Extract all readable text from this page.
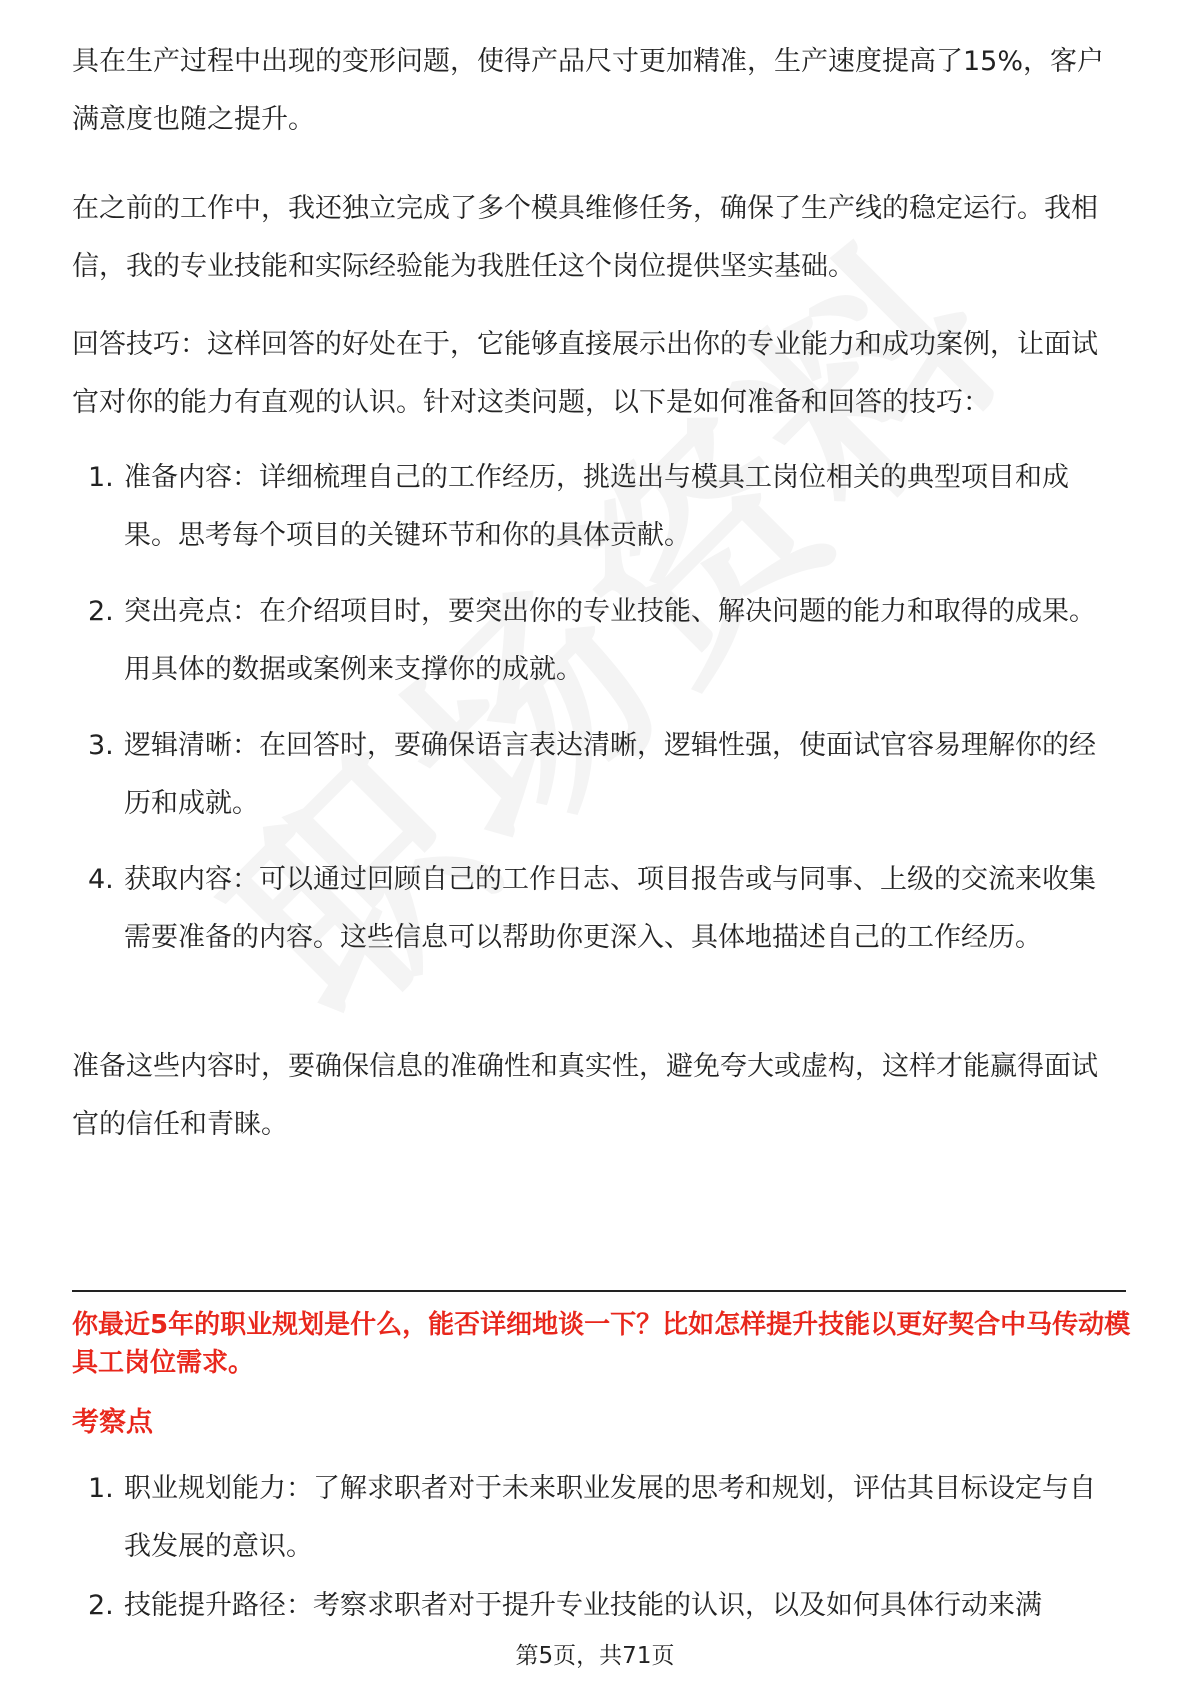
具在生产过程中出现的变形问题，使得产品尺寸更加精准，生产速度提高了15%，客户满意度也随之提升。

在之前的工作中，我还独立完成了多个模具维修任务，确保了生产线的稳定运行。我相信，我的专业技能和实际经验能为我胜任这个岗位提供坚实基础。

回答技巧：这样回答的好处在于，它能够直接展示出你的专业能力和成功案例，让面试官对你的能力有直观的认识。针对这类问题，以下是如何准备和回答的技巧：

1. 准备内容：详细梳理自己的工作经历，挑选出与模具工岗位相关的典型项目和成果。思考每个项目的关键环节和你的具体贡献。
2. 突出亮点：在介绍项目时，要突出你的专业技能、解决问题的能力和取得的成果。用具体的数据或案例来支撑你的成就。
3. 逻辑清晰：在回答时，要确保语言表达清晰，逻辑性强，使面试官容易理解你的经历和成就。
4. 获取内容：可以通过回顾自己的工作日志、项目报告或与同事、上级的交流来收集需要准备的内容。这些信息可以帮助你更深入、具体地描述自己的工作经历。

准备这些内容时，要确保信息的准确性和真实性，避免夸大或虚构，这样才能赢得面试官的信任和青睐。

你最近5年的职业规划是什么，能否详细地谈一下？比如怎样提升技能以更好契合中马传动模具工岗位需求。

考察点

1. 职业规划能力：了解求职者对于未来职业发展的思考和规划，评估其目标设定与自我发展的意识。
2. 技能提升路径：考察求职者对于提升专业技能的认识，以及如何具体行动来满
第5页，共71页
